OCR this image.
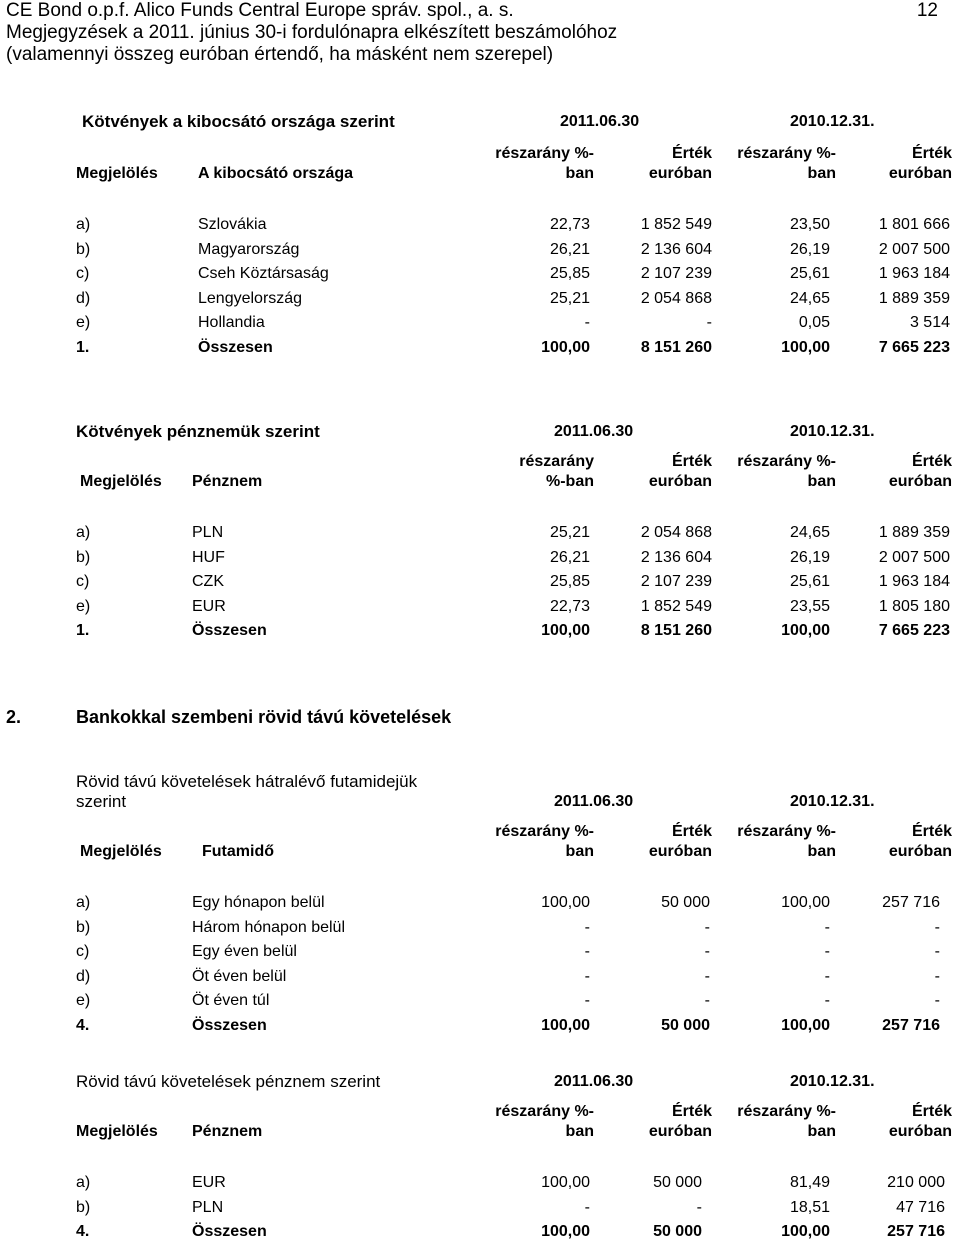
CE Bond o.p.f. Alico Funds Central Europe správ. spol., a. s.
Megjegyzések a 2011. június 30-i fordulónapra elkészített beszámolóhoz
(valamennyi összeg euróban értendő, ha másként nem szerepel)
12
Kötvények a kibocsátó országa szerint	2011.06.30	2010.12.31.
Megjelölés	A kibocsátó országa
részarány %-
ban
Érték
euróban
részarány %-
ban
Érték
euróban
a)	Szlovákia	22,73	1 852 549	23,50	1 801 666
b)	Magyarország	26,21	2 136 604	26,19	2 007 500
c)	Cseh Köztársaság	25,85	2 107 239	25,61	1 963 184
d)	Lengyelország	25,21	2 054 868	24,65	1 889 359
e)	Hollandia	-	-	0,05	3 514
1.	Összesen	100,00	8 151 260	100,00	7 665 223
Kötvények pénznemük szerint	2011.06.30	2010.12.31.
Megjelölés Pénznem
részarány
%-ban
Érték
euróban
részarány %-
ban
Érték
euróban
a)	PLN	25,21	2 054 868	24,65	1 889 359
b)	HUF	26,21	2 136 604	26,19	2 007 500
c)	CZK	25,85	2 107 239	25,61	1 963 184
e)	EUR	22,73	1 852 549	23,55	1 805 180
1.	Összesen	100,00	8 151 260	100,00	7 665 223
2.	Bankokkal szembeni rövid távú követelések
Rövid távú követelések hátralévő futamidejük
szerint	2011.06.30	2010.12.31.
Megjelölés	Futamidő
részarány %-
ban
Érték
euróban
részarány %-
ban
Érték
euróban
a)	Egy hónapon belül	100,00	50 000	100,00	257 716
b)	Három hónapon belül	-	-	-	-
c)	Egy éven belül	-	-	-	-
d)	Öt éven belül	-	-	-	-
e)	Öt éven túl	-	-	-	-
4.	Összesen	100,00	50 000	100,00	257 716
Rövid távú követelések pénznem szerint	2011.06.30	2010.12.31.
Megjelölés Pénznem
részarány %-
ban
Érték
euróban
részarány %-
ban
Érték
euróban
a)	EUR	100,00	50 000	81,49	210 000
b)	PLN	-	-	18,51	47 716
4.	Összesen	100,00	50 000	100,00	257 716
